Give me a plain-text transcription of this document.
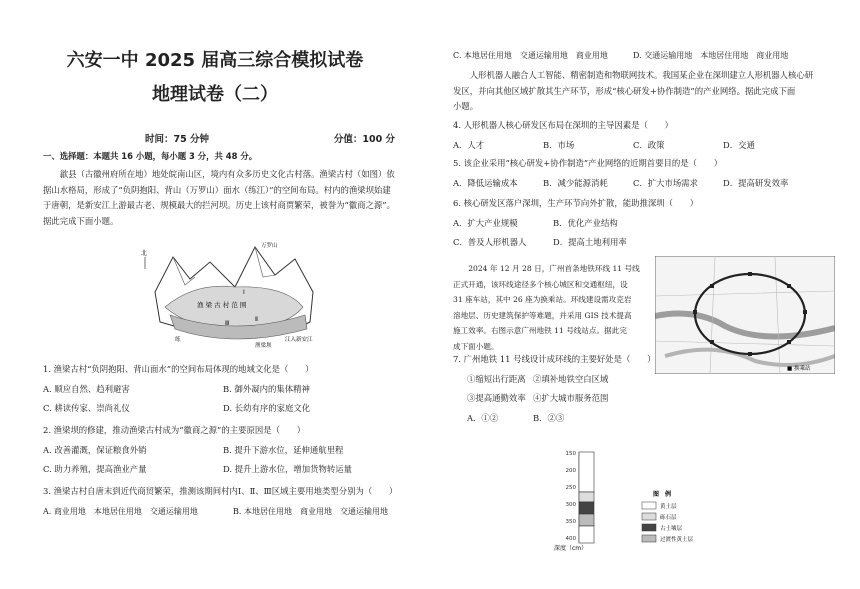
六安一中 2025 届高三综合模拟试卷
地理试卷（二）
时间：75 分钟	分值：100 分
一、选择题：本题共 16 小题，每小题 3 分，共 48 分。
歙县（古徽州府所在地）地处皖南山区，境内有众多历史文化古村落。渔梁古村（如图）依
据山水格局，形成了“负阴抱阳、背山（万罗山）面水（练江）”的空间布局。村内的渔梁坝始建
于唐朝，是新安江上游最古老、规模最大的拦河坝。历史上该村商贾繁荣，被誉为“徽商之源”。
据此完成下面小题。
北
万罗山
渔 梁 古 村 范 围
Ⅰ
Ⅱ
Ⅲ
渔梁坝
江入新安江
练
1. 渔梁古村“负阴抱阳、背山面水”的空间布局体现的地域文化是（　　）
A. 顺应自然、趋利避害	B. 御外凝内的集体精神
C. 耕读传家、崇尚礼仪	D. 长幼有序的家庭文化
2. 渔梁坝的修建，推动渔梁古村成为“徽商之源”的主要原因是（　　）
A. 改善灌溉，保证粮食外销	B. 提升下游水位，延伸通航里程
C. 助力养殖，提高渔业产量	D. 提升上游水位，增加货物转运量
3. 渔梁古村自唐末到近代商贸繁荣，推测该期间村内Ⅰ、Ⅱ、Ⅲ区域主要用地类型分别为（　　）
A. 商业用地　本地居住用地　交通运输用地	B. 本地居住用地　商业用地　交通运输用地
C. 本地居住用地　交通运输用地　商业用地	D. 交通运输用地　本地居住用地　商业用地
人形机器人融合人工智能、精密制造和物联网技术。我国某企业在深圳建立人形机器人核心研
发区，并向其他区域扩散其生产环节，形成“核心研发+协作制造”的产业网络。据此完成下面
小题。
4. 人形机器人核心研发区布局在深圳的主导因素是（　　）
A．人才	B．市场	C．政策	D．交通
5. 该企业采用“核心研发+协作制造”产业网络的近期首要目的是（　　）
A．降低运输成本	B．减少能源消耗	C．扩大市场需求	D．提高研发效率
6. 核心研发区落户深圳，生产环节向外扩散，能助推深圳（　　）
A．扩大产业规模	B．优化产业结构
C．普及人形机器人	D．提高土地利用率
2024 年 12 月 28 日，广州首条地铁环线 11 号线
正式开通，该环线途径多个核心城区和交通枢纽，设
31 座车站，其中 26 座为换乘站。环线建设需攻克岩
溶地层、历史建筑保护等难题，并采用 GIS 技术提高
施工效率。右图示意广州地铁 11 号线站点。据此完
成下面小题。
■ 换乘站
7. 广州地铁 11 号线设计成环线的主要好处是（　　）
①缩短出行距离 ②填补地铁空白区域
③提高通勤效率 ④扩大城市服务范围
A．①②	B．②③
150
200
250
300
350
400
深度（cm）
图　例
黄土层
砾石层
古土壤层
过渡性黄土层
